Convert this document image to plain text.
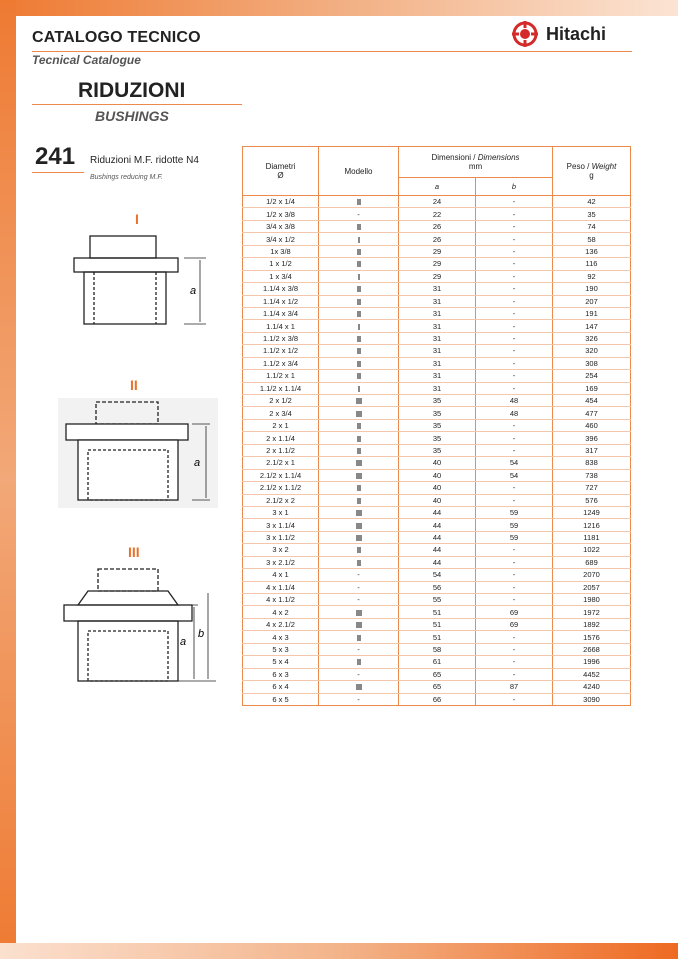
CATALOGO TECNICO
Tecnical Catalogue
Hitachi
RIDUZIONI
BUSHINGS
241 Riduzioni M.F. ridotte N4
Bushings reducing M.F.
I
a
II
a
III
a
b
Diametri
Ø	Modello	Dimensioni / Dimensions
mm		Peso / Weight
g
		a	b	
1/2 x 1/4		24	-	42
1/2 x 3/8	-	22	-	35
3/4 x 3/8		26	-	74
3/4 x 1/2		26	-	58
1x 3/8		29	-	136
1 x 1/2		29	-	116
1 x 3/4		29	-	92
1.1/4 x 3/8		31	-	190
1.1/4 x 1/2		31	-	207
1.1/4 x 3/4		31	-	191
1.1/4 x 1		31	-	147
1.1/2 x 3/8		31	-	326
1.1/2 x 1/2		31	-	320
1.1/2 x 3/4		31	-	308
1.1/2 x 1		31	-	254
1.1/2 x 1.1/4		31	-	169
2 x 1/2		35	48	454
2 x 3/4		35	48	477
2 x 1		35	-	460
2 x 1.1/4		35	-	396
2 x 1.1/2		35	-	317
2.1/2 x 1		40	54	838
2.1/2 x 1.1/4		40	54	738
2.1/2 x 1.1/2		40	-	727
2.1/2 x 2		40	-	576
3 x 1		44	59	1249
3 x 1.1/4		44	59	1216
3 x 1.1/2		44	59	1181
3 x 2		44	-	1022
3 x 2.1/2		44	-	689
4 x 1	-	54	-	2070
4 x 1.1/4	-	56	-	2057
4 x 1.1/2	-	55	-	1980
4 x 2		51	69	1972
4 x 2.1/2		51	69	1892
4 x 3		51	-	1576
5 x 3	-	58	-	2668
5 x 4		61	-	1996
6 x 3	-	65	-	4452
6 x 4		65	87	4240
6 x 5	-	66	-	3090
